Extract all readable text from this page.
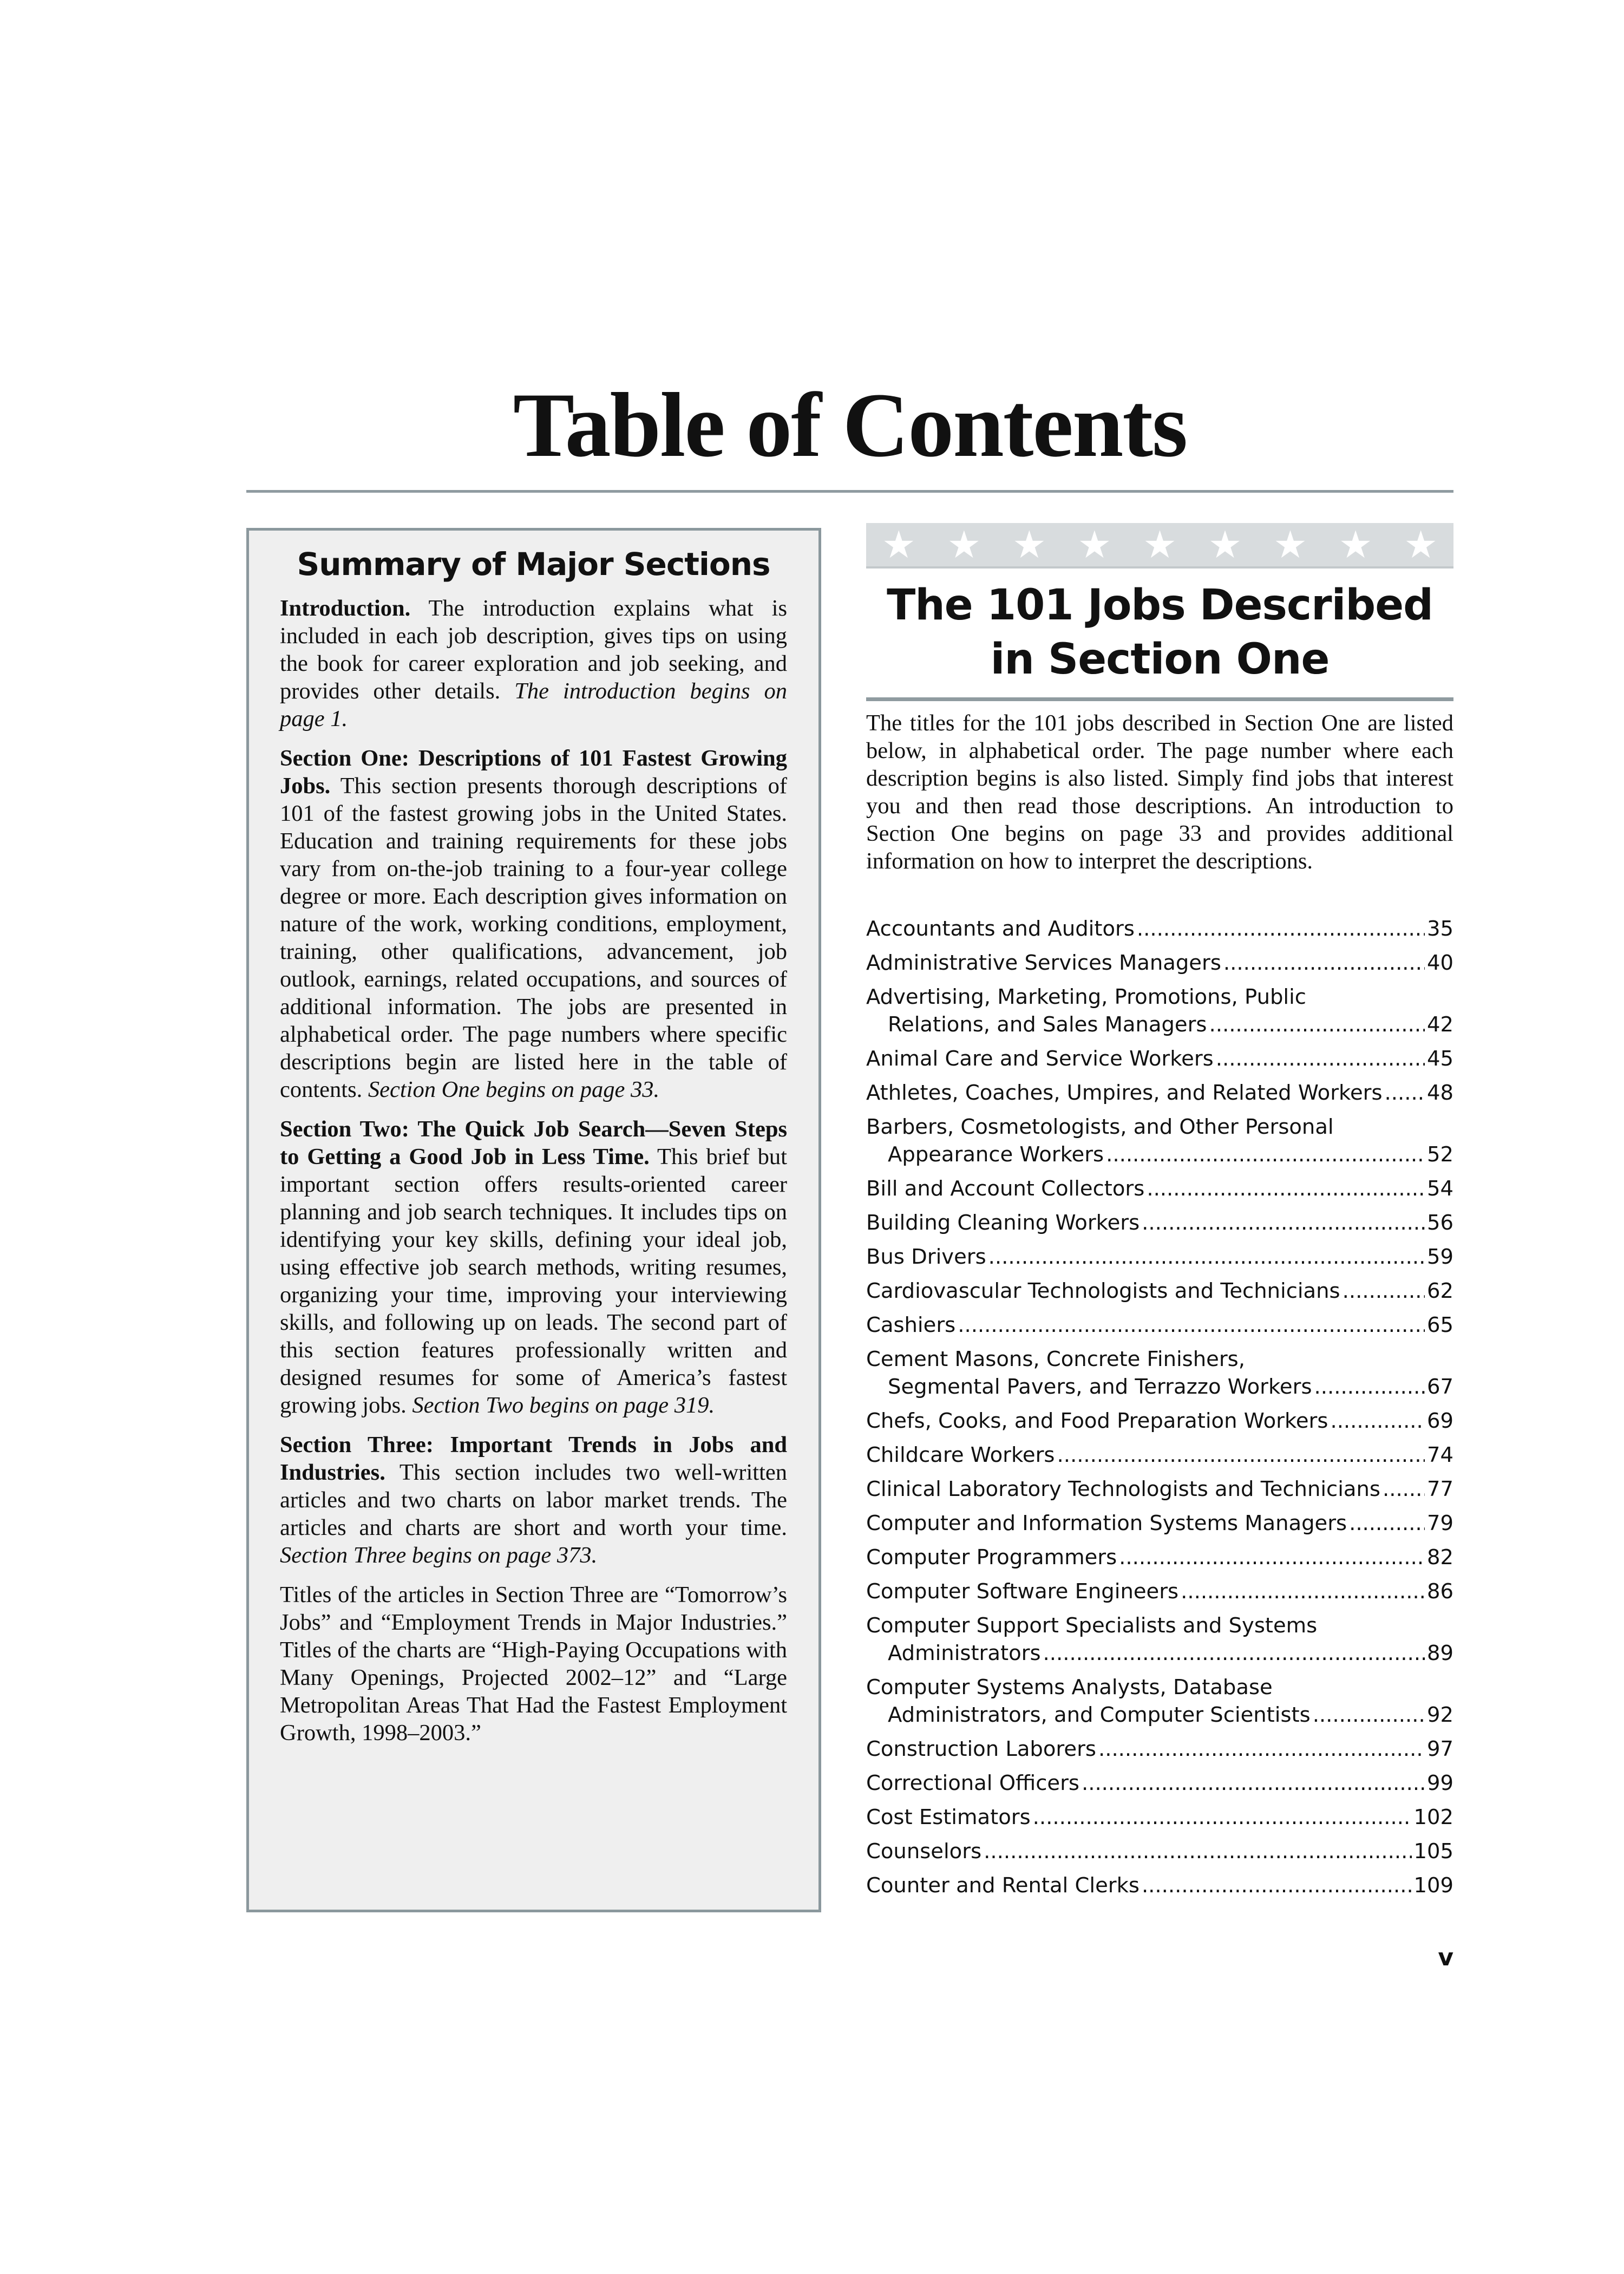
Table of Contents
Summary of Major Sections

Introduction. The introduction explains what is included in each job description, gives tips on using the book for career exploration and job seeking, and provides other details. The introduction begins on page 1.

Section One: Descriptions of 101 Fastest Growing Jobs. This section presents thorough descriptions of 101 of the fastest growing jobs in the United States. Education and training requirements for these jobs vary from on-the-job training to a four-year college degree or more. Each description gives information on nature of the work, working conditions, employment, training, other qualifications, advancement, job outlook, earnings, related occupations, and sources of additional information. The jobs are presented in alphabetical order. The page numbers where specific descriptions begin are listed here in the table of contents. Section One begins on page 33.

Section Two: The Quick Job Search—Seven Steps to Getting a Good Job in Less Time. This brief but important section offers results-oriented career planning and job search techniques. It includes tips on identifying your key skills, defining your ideal job, using effective job search methods, writing resumes, organizing your time, improving your interviewing skills, and following up on leads. The second part of this section features professionally written and designed resumes for some of America’s fastest growing jobs. Section Two begins on page 319.

Section Three: Important Trends in Jobs and Industries. This section includes two well-written articles and two charts on labor market trends. The articles and charts are short and worth your time. Section Three begins on page 373.

Titles of the articles in Section Three are “Tomorrow’s Jobs” and “Employment Trends in Major Industries.” Titles of the charts are “High-Paying Occupations with Many Openings, Projected 2002–12” and “Large Metropolitan Areas That Had the Fastest Employment Growth, 1998–2003.”

★ ★ ★ ★ ★ ★ ★ ★ ★
The 101 Jobs Described
in Section One

The titles for the 101 jobs described in Section One are listed below, in alphabetical order. The page number where each description begins is also listed. Simply find jobs that interest you and then read those descriptions. An introduction to Section One begins on page 33 and provides additional information on how to interpret the descriptions.

Accountants and Auditors .....	35
Administrative Services Managers .....	40
Advertising, Marketing, Promotions, Public
Relations, and Sales Managers .....	42
Animal Care and Service Workers .....	45
Athletes, Coaches, Umpires, and Related Workers ..... 48
Barbers, Cosmetologists, and Other Personal
Appearance Workers .....	52
Bill and Account Collectors .....	54
Building Cleaning Workers .....	56
Bus Drivers .....	59
Cardiovascular Technologists and Technicians .....	62
Cashiers .....	65
Cement Masons, Concrete Finishers,
Segmental Pavers, and Terrazzo Workers .....	67
Chefs, Cooks, and Food Preparation Workers .....	69
Childcare Workers .....	74
Clinical Laboratory Technologists and Technicians ..... 77
Computer and Information Systems Managers .....	79
Computer Programmers .....	82
Computer Software Engineers .....	86
Computer Support Specialists and Systems
Administrators .....	89
Computer Systems Analysts, Database
Administrators, and Computer Scientists .....	92
Construction Laborers .....	97
Correctional Officers .....	99
Cost Estimators .....	102
Counselors .....	105
Counter and Rental Clerks .....	109

v
